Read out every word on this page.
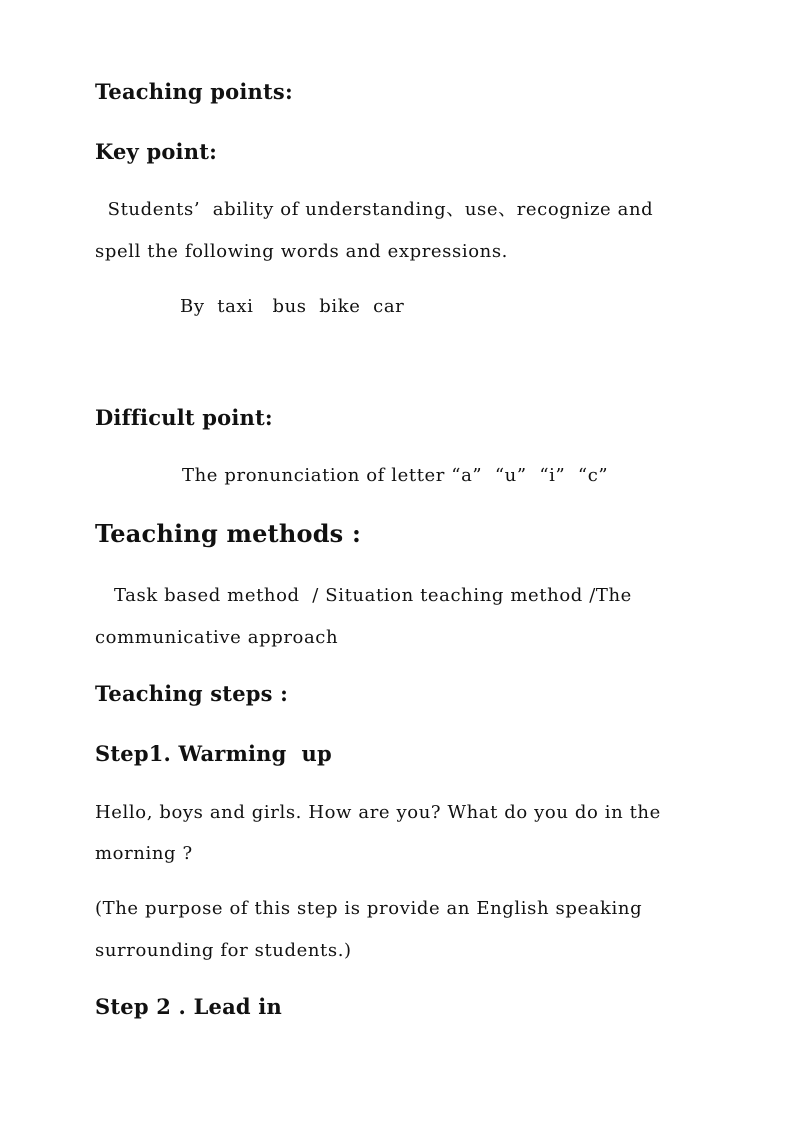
Teaching points:
Key point:
Students’  ability of understanding、use、recognize and
spell the following words and expressions.
By  taxi   bus  bike  car
Difficult point:
The pronunciation of letter “a”  “u”  “i”  “c”
Teaching methods :
Task based method  / Situation teaching method /The
communicative approach
Teaching steps :
Step1. Warming  up
Hello, boys and girls. How are you? What do you do in the
morning ?
(The purpose of this step is provide an English speaking
surrounding for students.)
Step 2 . Lead in
